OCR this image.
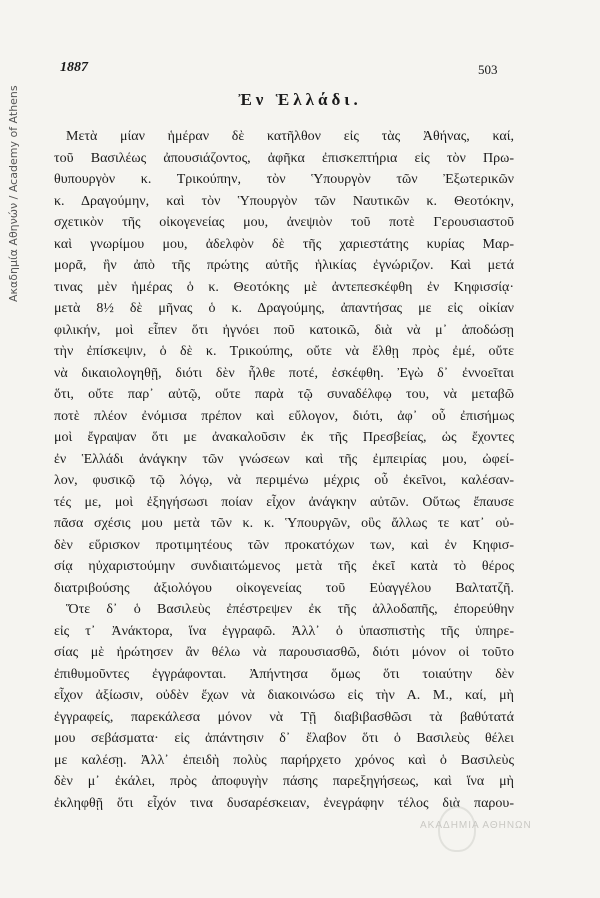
Ακαδημία Αθηνών / Academy of Athens
1887	503
Ἐν Ἑλλάδι.
Μετὰ μίαν ἡμέραν δὲ κατῆλθον εἰς τὰς Ἀθήνας, καί,
τοῦ Βασιλέως ἀπουσιάζοντος, ἀφῆκα ἐπισκεπτήρια εἰς τὸν Πρω-
θυπουργὸν κ. Τρικούπην, τὸν Ὑπουργὸν τῶν Ἐξωτερικῶν
κ. Δραγούμην, καὶ τὸν Ὑπουργὸν τῶν Ναυτικῶν κ. Θεοτόκην,
σχετικὸν τῆς οἰκογενείας μου, ἀνεψιὸν τοῦ ποτὲ Γερουσιαστοῦ
καὶ γνωρίμου μου, ἀδελφὸν δὲ τῆς χαριεστάτης κυρίας Μαρ-
μορᾶ, ἣν ἀπὸ τῆς πρώτης αὐτῆς ἡλικίας ἐγνώριζον. Καὶ μετά
τινας μὲν ἡμέρας ὁ κ. Θεοτόκης μὲ ἀντεπεσκέφθη ἐν Κηφισσίᾳ·
μετὰ 8½ δὲ μῆνας ὁ κ. Δραγούμης, ἀπαντήσας με εἰς οἰκίαν
φιλικήν, μοὶ εἶπεν ὅτι ἠγνόει ποῦ κατοικῶ, διὰ νὰ μ᾿ ἀποδώσῃ
τὴν ἐπίσκεψιν, ὁ δὲ κ. Τρικούπης, οὔτε νὰ ἔλθῃ πρὸς ἐμέ, οὔτε
νὰ δικαιολογηθῇ, διότι δὲν ἦλθε ποτέ, ἐσκέφθη. Ἐγὼ δ᾿ ἐννοεῖται
ὅτι, οὔτε παρ᾿ αὐτῷ, οὔτε παρὰ τῷ συναδέλφῳ του, νὰ μεταβῶ
ποτὲ πλέον ἐνόμισα πρέπον καὶ εὔλογον, διότι, ἀφ᾿ οὗ ἐπισήμως
μοὶ ἔγραψαν ὅτι με ἀνακαλοῦσιν ἐκ τῆς Πρεσβείας, ὡς ἔχοντες
ἐν Ἑλλάδι ἀνάγκην τῶν γνώσεων καὶ τῆς ἐμπειρίας μου, ὠφεί-
λον, φυσικῷ τῷ λόγῳ, νὰ περιμένω μέχρις οὗ ἐκεῖνοι, καλέσαν-
τές με, μοὶ ἐξηγήσωσι ποίαν εἶχον ἀνάγκην αὐτῶν. Οὕτως ἔπαυσε
πᾶσα σχέσις μου μετὰ τῶν κ. κ. Ὑπουργῶν, οὓς ἄλλως τε κατ᾿ οὐ-
δὲν εὕρισκον προτιμητέους τῶν προκατόχων των, καὶ ἐν Κηφισ-
σίᾳ ηὐχαριστούμην συνδιαιτώμενος μετὰ τῆς ἐκεῖ κατὰ τὸ θέρος
διατριβούσης ἀξιολόγου οἰκογενείας τοῦ Εὐαγγέλου Βαλτατζῆ.
Ὅτε δ᾿ ὁ Βασιλεὺς ἐπέστρεψεν ἐκ τῆς ἀλλοδαπῆς, ἐπορεύθην
εἰς τ᾿ Ἀνάκτορα, ἵνα ἐγγραφῶ. Ἀλλ᾿ ὁ ὑπασπιστὴς τῆς ὑπηρε-
σίας μὲ ἠρώτησεν ἂν θέλω νὰ παρουσιασθῶ, διότι μόνον οἱ τοῦτο
ἐπιθυμοῦντες ἐγγράφονται. Ἀπήντησα ὅμως ὅτι τοιαύτην δὲν
εἶχον ἀξίωσιν, οὐδὲν ἔχων νὰ διακοινώσω εἰς τὴν Α. Μ., καί, μὴ
ἐγγραφείς, παρεκάλεσα μόνον νὰ Τῇ διαβιβασθῶσι τὰ βαθύτατά
μου σεβάσματα· εἰς ἀπάντησιν δ᾿ ἔλαβον ὅτι ὁ Βασιλεὺς θέλει
με καλέσῃ. Ἀλλ᾿ ἐπειδὴ πολὺς παρήρχετο χρόνος καὶ ὁ Βασιλεὺς
δὲν μ᾿ ἐκάλει, πρὸς ἀποφυγὴν πάσης παρεξηγήσεως, καὶ ἵνα μὴ
ἐκληφθῇ ὅτι εἶχόν τινα δυσαρέσκειαν, ἐνεγράφην τέλος διὰ παρου-
ΑΚΑΔΗΜΙΑ ΑΘΗΝΩΝ
